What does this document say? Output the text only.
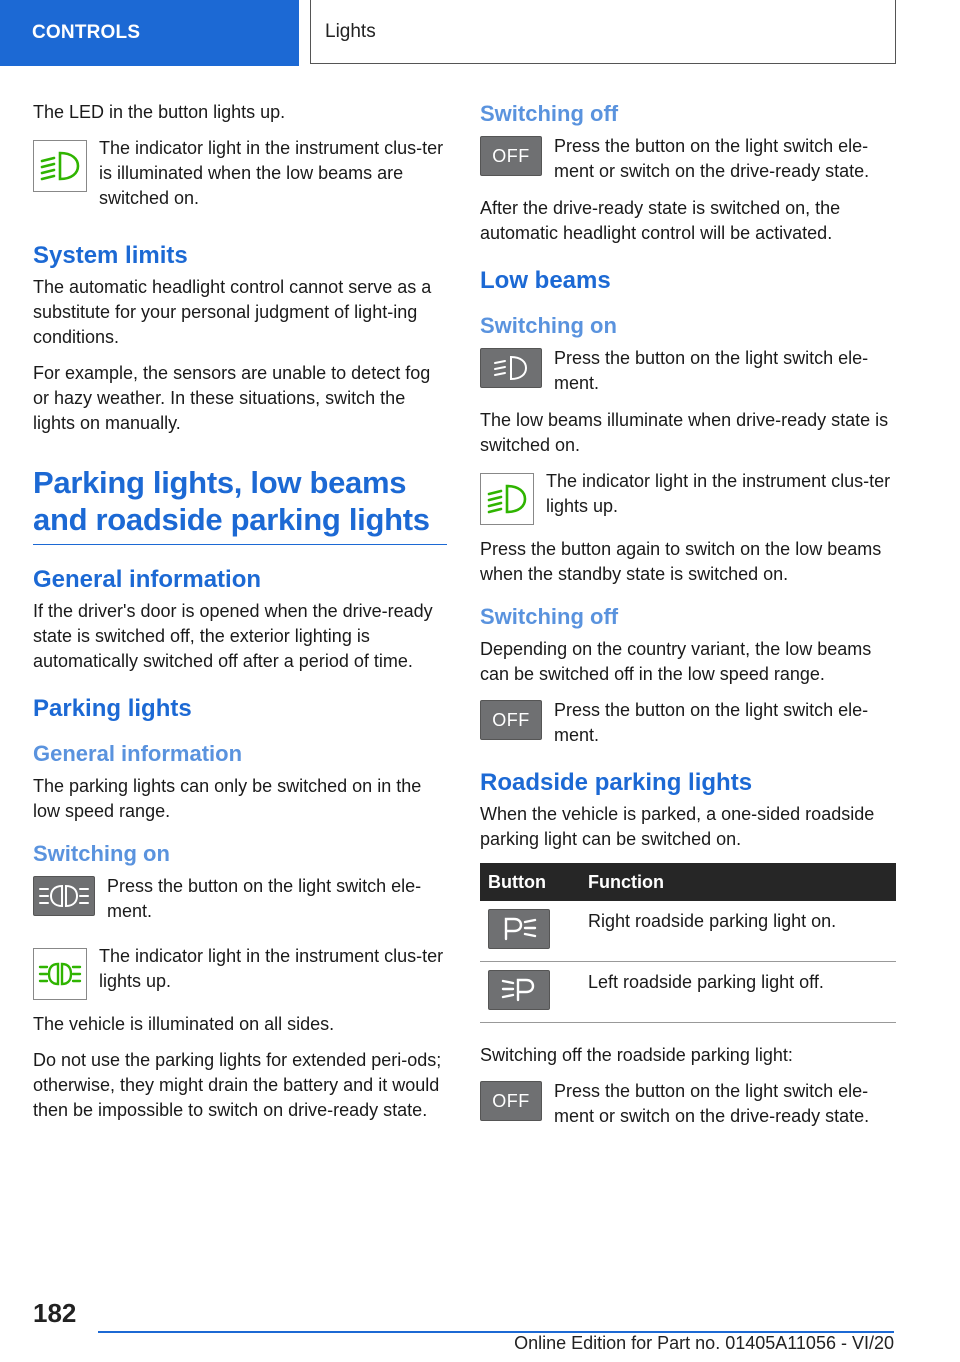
CONTROLS	Lights

The LED in the button lights up.

The indicator light in the instrument clus-ter is illuminated when the low beams are switched on.
System limits

The automatic headlight control cannot serve as a substitute for your personal judgment of light-ing conditions.

For example, the sensors are unable to detect fog or hazy weather. In these situations, switch the lights on manually.

Parking lights, low beams and roadside parking lights
General information

If the driver's door is opened when the drive-ready state is switched off, the exterior lighting is automatically switched off after a period of time.

Parking lights
General information

The parking lights can only be switched on in the low speed range.

Switching on
Press the button on the light switch ele-ment.
The indicator light in the instrument clus-ter lights up.

The vehicle is illuminated on all sides.

Do not use the parking lights for extended peri-ods; otherwise, they might drain the battery and it would then be impossible to switch on drive-ready state.

Switching off
OFF	Press the button on the light switch ele-ment or switch on the drive-ready state.

After the drive-ready state is switched on, the automatic headlight control will be activated.

Low beams
Switching on
Press the button on the light switch ele-ment.

The low beams illuminate when drive-ready state is switched on.

The indicator light in the instrument clus-ter lights up.

Press the button again to switch on the low beams when the standby state is switched on.

Switching off

Depending on the country variant, the low beams can be switched off in the low speed range.

OFF	Press the button on the light switch ele-ment.
Roadside parking lights

When the vehicle is parked, a one-sided roadside parking light can be switched on.

Button	Function

	Right roadside parking light on.

	Left roadside parking light off.

Switching off the roadside parking light:

OFF	Press the button on the light switch ele-ment or switch on the drive-ready state.
182
Online Edition for Part no. 01405A11056 - VI/20
